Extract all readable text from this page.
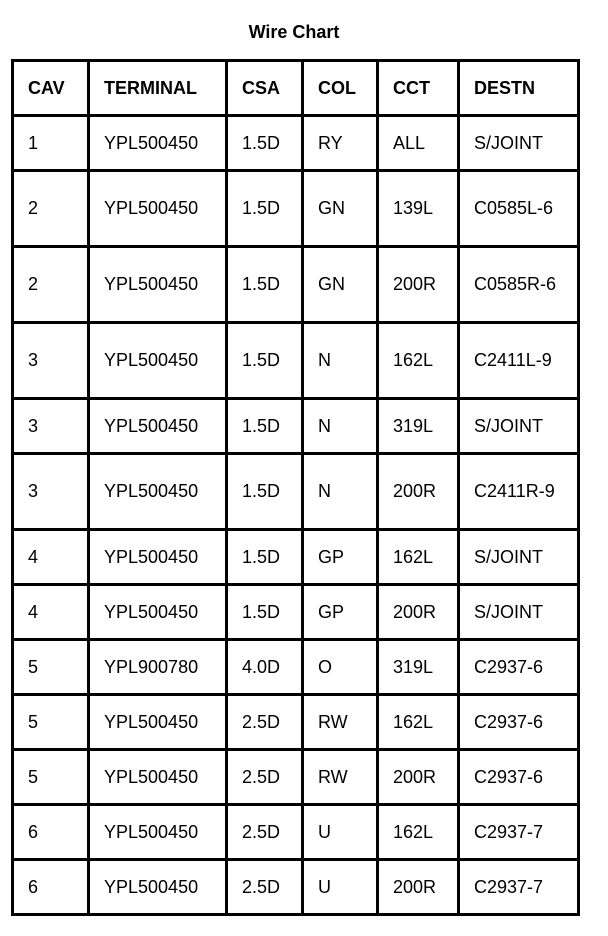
Wire Chart
CAV	TERMINAL	CSA	COL	CCT	DESTN
1	YPL500450	1.5D	RY	ALL	S/JOINT
2	YPL500450	1.5D	GN	139L	C0585L-6
2	YPL500450	1.5D	GN	200R	C0585R-6
3	YPL500450	1.5D	N	162L	C2411L-9
3	YPL500450	1.5D	N	319L	S/JOINT
3	YPL500450	1.5D	N	200R	C2411R-9
4	YPL500450	1.5D	GP	162L	S/JOINT
4	YPL500450	1.5D	GP	200R	S/JOINT
5	YPL900780	4.0D	O	319L	C2937-6
5	YPL500450	2.5D	RW	162L	C2937-6
5	YPL500450	2.5D	RW	200R	C2937-6
6	YPL500450	2.5D	U	162L	C2937-7
6	YPL500450	2.5D	U	200R	C2937-7
